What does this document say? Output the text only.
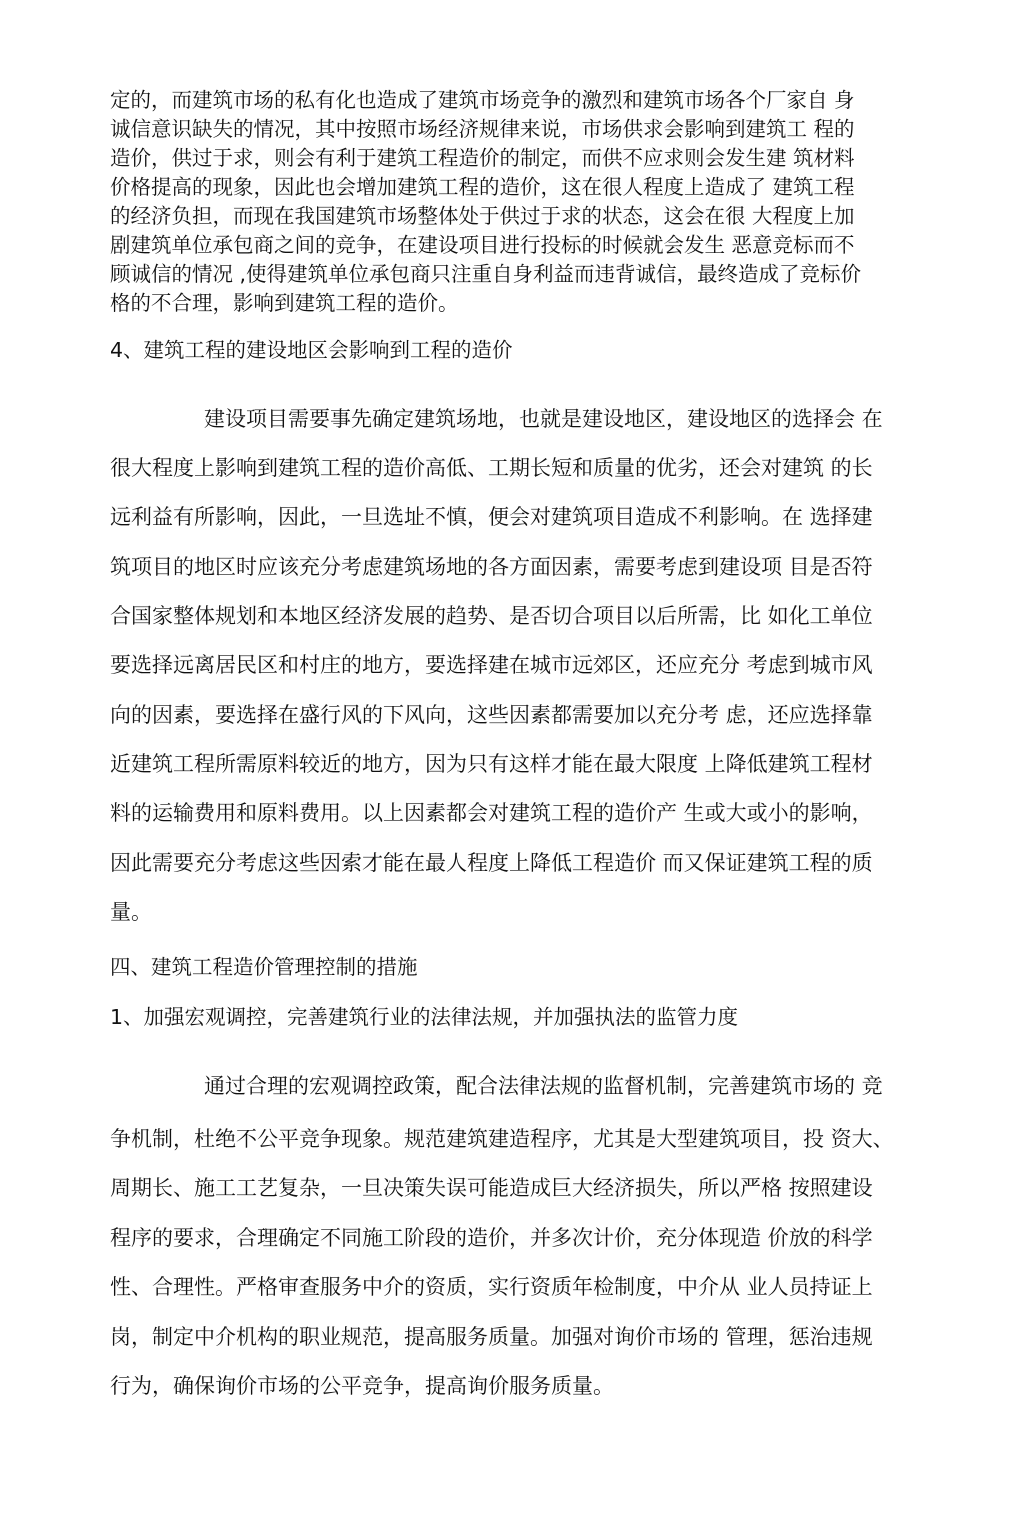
定的，而建筑市场的私有化也造成了建筑市场竞争的激烈和建筑市场各个厂家自 身
诚信意识缺失的情况，其中按照市场经济规律来说，市场供求会影响到建筑工 程的
造价，供过于求，则会有利于建筑工程造价的制定，而供不应求则会发生建 筑材料
价格提高的现象，因此也会增加建筑工程的造价，这在很人程度上造成了 建筑工程
的经济负担，而现在我国建筑市场整体处于供过于求的状态，这会在很 大程度上加
剧建筑单位承包商之间的竞争，在建设项目进行投标的时候就会发生 恶意竞标而不
顾诚信的情况 ,使得建筑单位承包商只注重自身利益而违背诚信，最终造成了竞标价
格的不合理，影响到建筑工程的造价。
4、建筑工程的建设地区会影响到工程的造价
建设项目需要事先确定建筑场地，也就是建设地区，建设地区的选择会 在
很大程度上影响到建筑工程的造价高低、工期长短和质量的优劣，还会对建筑 的长
远利益有所影响，因此，一旦选址不慎，便会对建筑项目造成不利影响。在 选择建
筑项目的地区时应该充分考虑建筑场地的各方面因素，需要考虑到建设项 目是否符
合国家整体规划和本地区经济发展的趋势、是否切合项目以后所需，比 如化工单位
要选择远离居民区和村庄的地方，要选择建在城市远郊区，还应充分 考虑到城市风
向的因素，要选择在盛行风的下风向，这些因素都需要加以充分考 虑，还应选择靠
近建筑工程所需原料较近的地方，因为只有这样才能在最大限度 上降低建筑工程材
料的运输费用和原料费用。以上因素都会对建筑工程的造价产 生或大或小的影响，
因此需要充分考虑这些因索才能在最人程度上降低工程造价 而又保证建筑工程的质
量。
四、建筑工程造价管理控制的措施
1、加强宏观调控，完善建筑行业的法律法规，并加强执法的监管力度
通过合理的宏观调控政策，配合法律法规的监督机制，完善建筑市场的 竞
争机制，杜绝不公平竞争现象。规范建筑建造程序，尤其是大型建筑项目，投 资大、
周期长、施工工艺复杂，一旦决策失误可能造成巨大经济损失，所以严格 按照建设
程序的要求，合理确定不同施工阶段的造价，并多次计价，充分体现造 价放的科学
性、合理性。严格审查服务中介的资质，实行资质年检制度，中介从 业人员持证上
岗，制定中介机构的职业规范，提高服务质量。加强对询价市场的 管理，惩治违规
行为，确保询价市场的公平竞争，提高询价服务质量。
